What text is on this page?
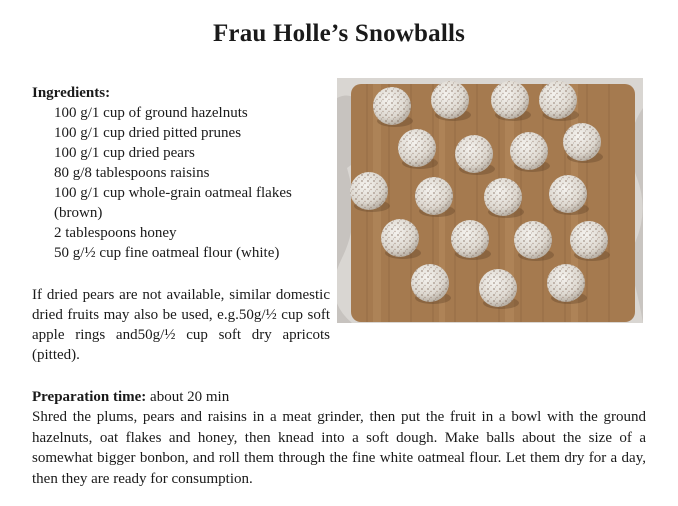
Frau Holle’s Snowballs
Ingredients:
100 g/1 cup of ground hazelnuts
100 g/1 cup dried pitted prunes
100 g/1 cup dried pears
80 g/8 tablespoons raisins
100 g/1 cup whole-grain oatmeal flakes (brown)
2 tablespoons honey
50 g/½ cup fine oatmeal flour (white)
If dried pears are not available, similar domestic dried fruits may also be used, e.g.50g/½ cup soft apple rings and50g/½ cup soft dry apricots (pitted).
Preparation time: about 20 min
Shred the plums, pears and raisins in a meat grinder, then put the fruit in a bowl with the ground hazelnuts, oat flakes and honey, then knead into a soft dough. Make balls about the size of a somewhat bigger bonbon, and roll them through the fine white oatmeal flour. Let them dry for a day, then they are ready for consumption.
